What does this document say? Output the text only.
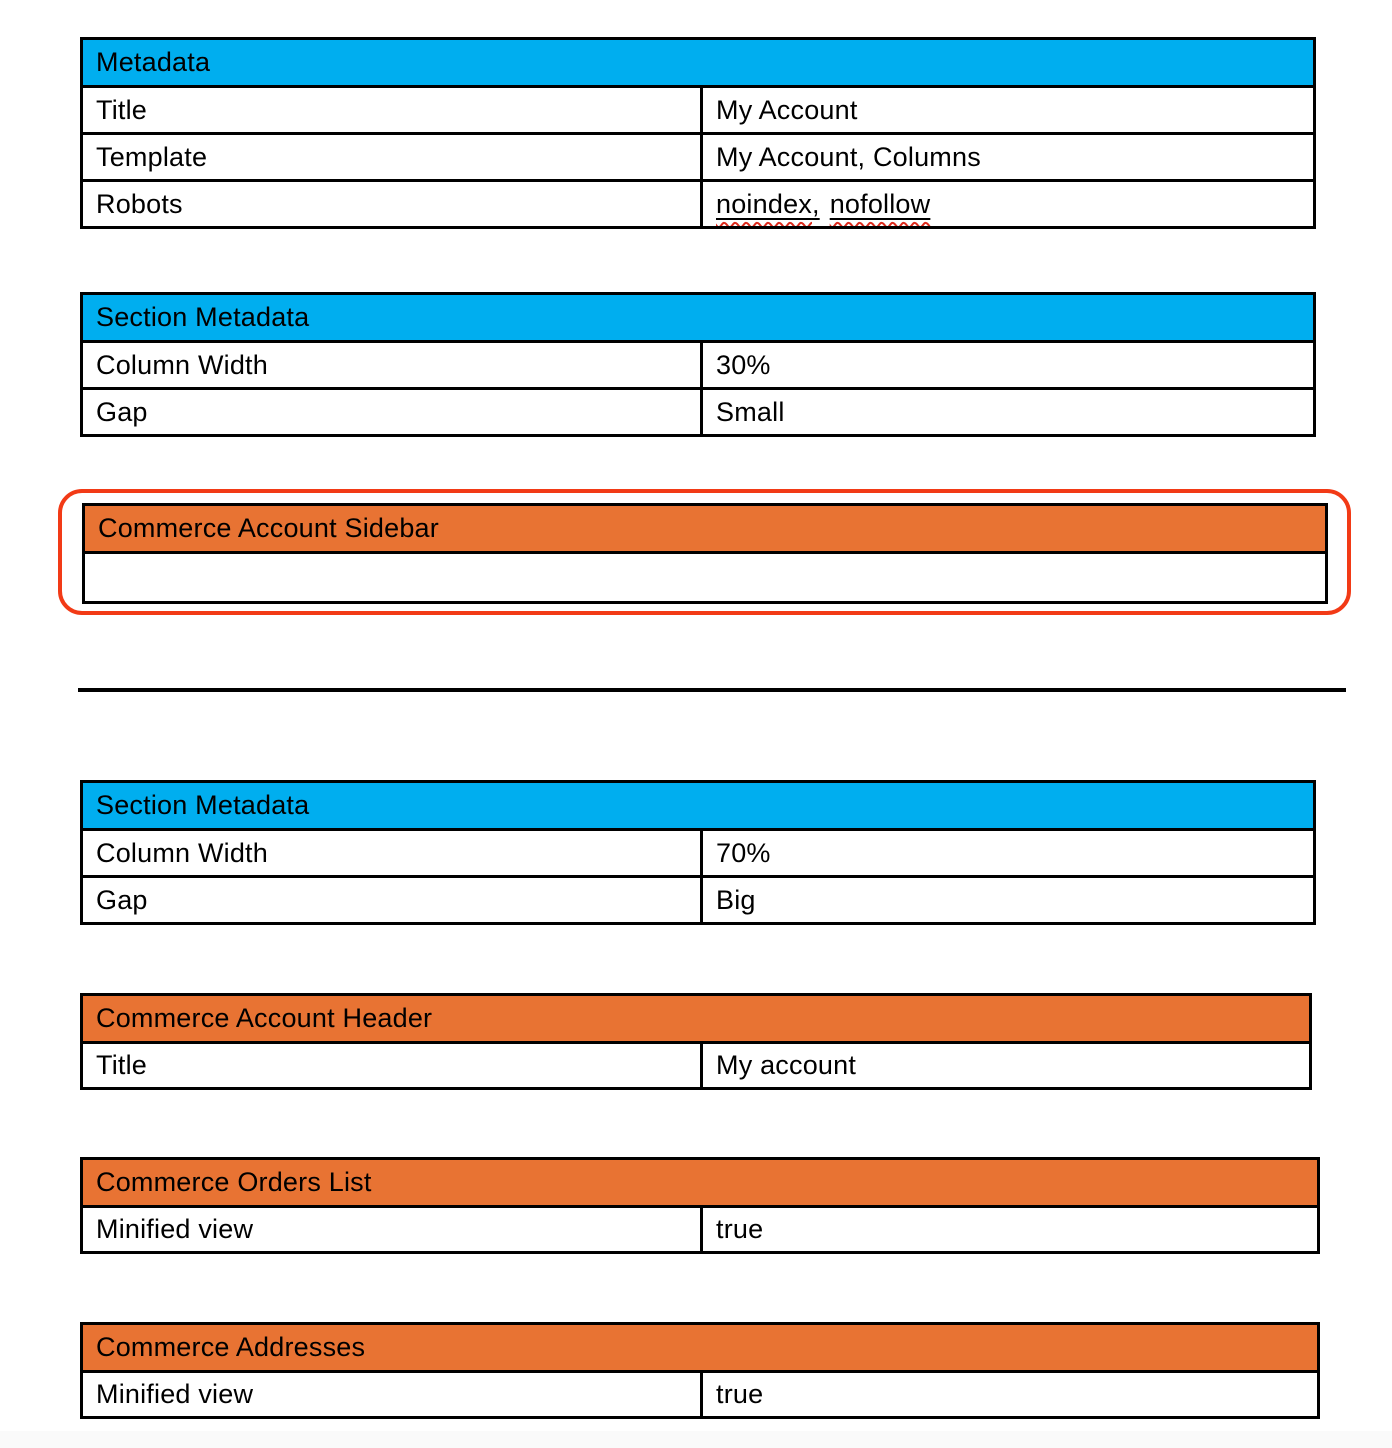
Metadata
Title	My Account
Template	My Account, Columns
Robots	noindex, nofollow
Section Metadata
Column Width	30%
Gap	Small
Commerce Account Sidebar
Section Metadata
Column Width	70%
Gap	Big
Commerce Account Header
Title	My account
Commerce Orders List
Minified view	true
Commerce Addresses
Minified view	true
